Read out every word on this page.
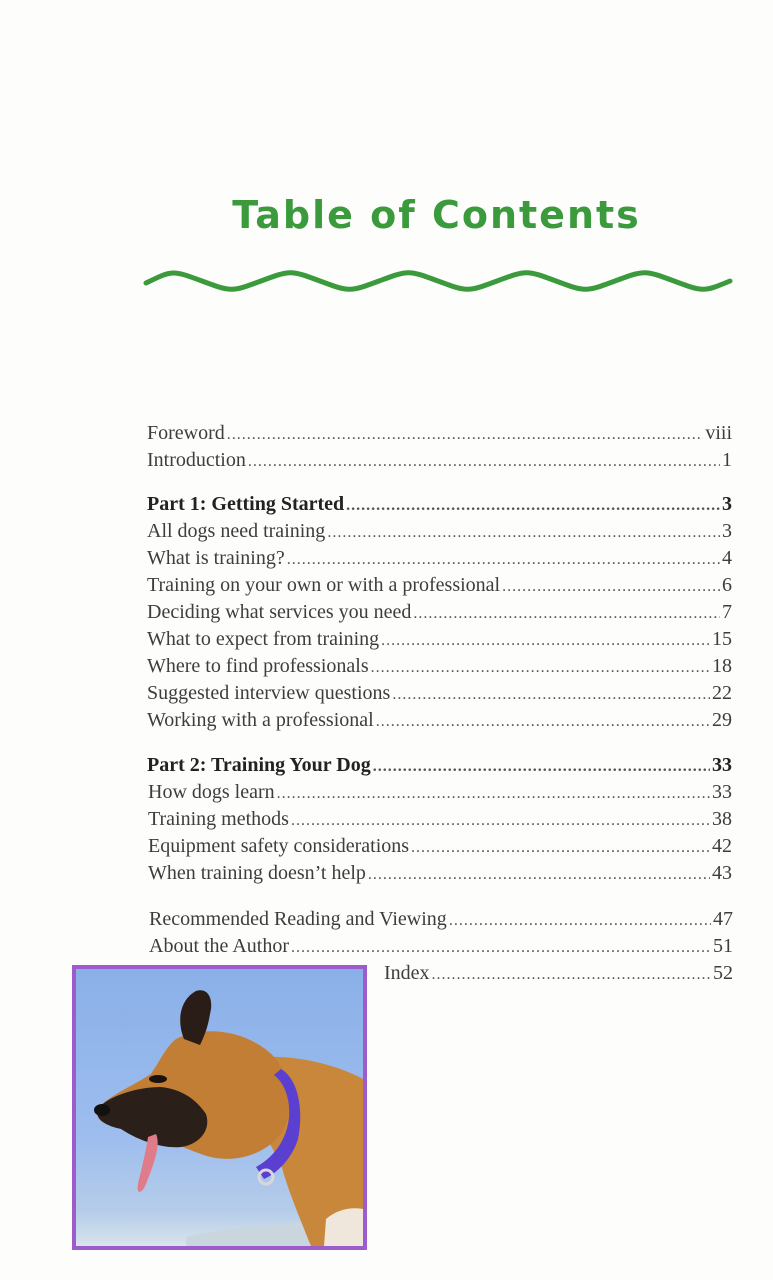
Table of Contents
Foreword .....	viii
Introduction .....	1
Part 1: Getting Started .....	3
All dogs need training .....	3
What is training? .....	4
Training on your own or with a professional .....	6
Deciding what services you need .....	7
What to expect from training .....	15
Where to find professionals .....	18
Suggested interview questions .....	22
Working with a professional .....	29
Part 2: Training Your Dog .....	33
How dogs learn .....	33
Training methods .....	38
Equipment safety considerations .....	42
When training doesn’t help .....	43
Recommended Reading and Viewing .....	47
About the Author .....	51
Index .....	52
